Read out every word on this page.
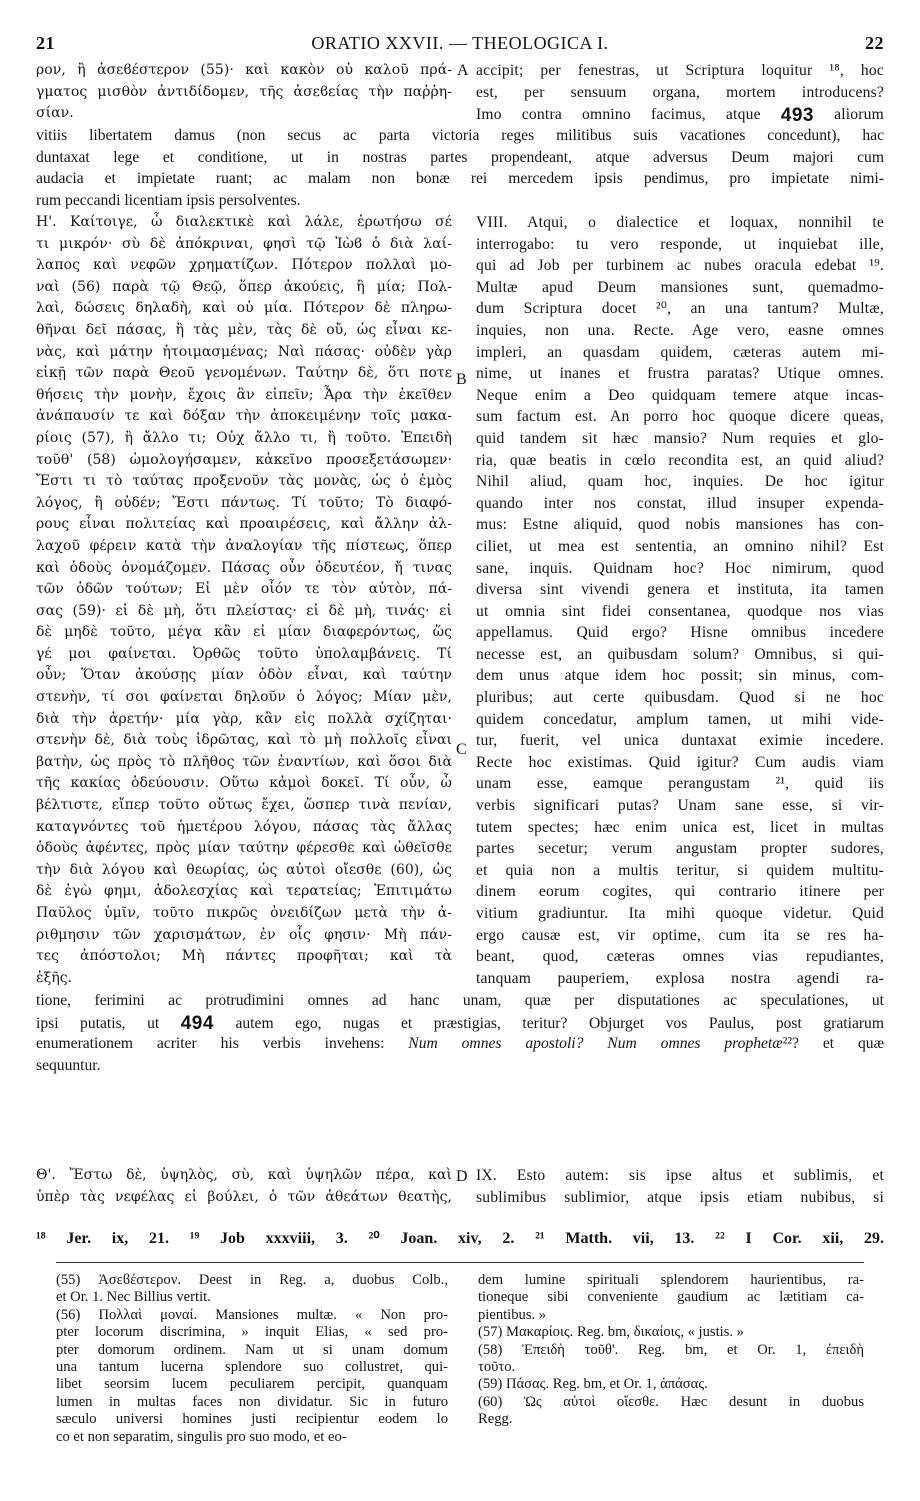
21	ORATIO XXVII. — THEOLOGICA I.	22
ρον, ἢ ἀσεϐέστερον (55)· καὶ κακὸν οὐ καλοῦ πρά-
γματος μισθὸν ἀντιδίδομεν, τῆς ἀσεϐείας τὴν παῤῥη-
σίαν.
A accipit; per fenestras, ut Scriptura loquitur ¹⁸, hoc
est, per sensuum organa, mortem introducens?
Imo contra omnino facimus, atque 493 aliorum
vitiis libertatem damus (non secus ac parta victoria reges militibus suis vacationes concedunt), hac
duntaxat lege et conditione, ut in nostras partes propendeant, atque adversus Deum majori cum
audacia et impietate ruant; ac malam non bonæ rei mercedem ipsis pendimus, pro impietate nimi-
rum peccandi licentiam ipsis persolventes.
Η'. Καίτοιγε, ὦ διαλεκτικὲ καὶ λάλε, ἐρωτήσω σέ
τι μικρόν· σὺ δὲ ἀπόκριναι, φησὶ τῷ Ἰὼϐ ὁ διὰ λαί-
λαπος καὶ νεφῶν χρηματίζων. Πότερον πολλαὶ μο-
ναὶ (56) παρὰ τῷ Θεῷ, ὅπερ ἀκούεις, ἢ μία; Πολ-
λαὶ, δώσεις δηλαδὴ, καὶ οὐ μία. Πότερον δὲ πληρω-
θῆναι δεῖ πάσας, ἢ τὰς μὲν, τὰς δὲ οὔ, ὡς εἶναι κε-
νὰς, καὶ μάτην ἡτοιμασμένας; Ναὶ πάσας· οὐδὲν γὰρ
εἰκῇ τῶν παρὰ Θεοῦ γενομένων. Ταύτην δὲ, ὅτι ποτε
θήσεις τὴν μονὴν, ἔχοις ἂν εἰπεῖν; Ἆρα τὴν ἐκεῖθεν
ἀνάπαυσίν τε καὶ δόξαν τὴν ἀποκειμένην τοῖς μακα-
ρίοις (57), ἢ ἄλλο τι; Οὐχ ἄλλο τι, ἢ τοῦτο. Ἐπειδὴ
τοῦθ' (58) ὡμολογήσαμεν, κἀκεῖνο προσεξετάσωμεν·
Ἔστι τι τὸ ταύτας προξενοῦν τὰς μονὰς, ὡς ὁ ἐμὸς
λόγος, ἢ οὐδέν; Ἔστι πάντως. Τί τοῦτο; Τὸ διαφό-
ρους εἶναι πολιτείας καὶ προαιρέσεις, καὶ ἄλλην ἀλ-
λαχοῦ φέρειν κατὰ τὴν ἀναλογίαν τῆς πίστεως, ὅπερ
καὶ ὁδοὺς ὀνομάζομεν. Πάσας οὖν ὁδευτέον, ἤ τινας
τῶν ὁδῶν τούτων; Εἰ μὲν οἷόν τε τὸν αὐτὸν, πά-
σας (59)· εἰ δὲ μὴ, ὅτι πλείστας· εἰ δὲ μὴ, τινάς· εἰ
δὲ μηδὲ τοῦτο, μέγα κἂν εἰ μίαν διαφερόντως, ὥς
γέ μοι φαίνεται. Ὀρθῶς τοῦτο ὑπολαμβάνεις. Τί
οὖν; Ὅταν ἀκούσῃς μίαν ὁδὸν εἶναι, καὶ ταύτην
στενὴν, τί σοι φαίνεται δηλοῦν ὁ λόγος; Μίαν μὲν,
διὰ τὴν ἀρετήν· μία γὰρ, κἂν εἰς πολλὰ σχίζηται·
στενὴν δὲ, διὰ τοὺς ἱδρῶτας, καὶ τὸ μὴ πολλοῖς εἶναι
βατὴν, ὡς πρὸς τὸ πλῆθος τῶν ἐναντίων, καὶ ὅσοι διὰ
τῆς κακίας ὁδεύουσιν. Οὕτω κἀμοὶ δοκεῖ. Τί οὖν, ὦ
βέλτιστε, εἴπερ τοῦτο οὕτως ἔχει, ὥσπερ τινὰ πενίαν,
καταγνόντες τοῦ ἡμετέρου λόγου, πάσας τὰς ἄλλας
ὁδοὺς ἀφέντες, πρὸς μίαν ταύτην φέρεσθε καὶ ὠθεῖσθε
τὴν διὰ λόγου καὶ θεωρίας, ὡς αὐτοὶ οἴεσθε (60), ὡς
δὲ ἐγὼ φημι, ἀδολεσχίας καὶ τερατείας; Ἐπιτιμάτω
Παῦλος ὑμῖν, τοῦτο πικρῶς ὀνειδίζων μετὰ τὴν ἀ-
ριθμησιν τῶν χαρισμάτων, ἐν οἷς φησιν· Μὴ πάν-
τες ἀπόστολοι; Μὴ πάντες προφῆται; καὶ τὰ
ἑξῆς.
B
C
VIII. Atqui, o dialectice et loquax, nonnihil te
interrogabo: tu vero responde, ut inquiebat ille,
qui ad Job per turbinem ac nubes oracula edebat ¹⁹.
Multæ apud Deum mansiones sunt, quemadmo-
dum Scriptura docet ²⁰, an una tantum? Multæ,
inquies, non una. Recte. Age vero, easne omnes
impleri, an quasdam quidem, cæteras autem mi-
nime, ut inanes et frustra paratas? Utique omnes.
Neque enim a Deo quidquam temere atque incas-
sum factum est. An porro hoc quoque dicere queas,
quid tandem sit hæc mansio? Num requies et glo-
ria, quæ beatis in cœlo recondita est, an quid aliud?
Nihil aliud, quam hoc, inquies. De hoc igitur
quando inter nos constat, illud insuper expenda-
mus: Estne aliquid, quod nobis mansiones has con-
ciliet, ut mea est sententia, an omnino nihil? Est
sane, inquis. Quidnam hoc? Hoc nimirum, quod
diversa sint vivendi genera et instituta, ita tamen
ut omnia sint fidei consentanea, quodque nos vias
appellamus. Quid ergo? Hisne omnibus incedere
necesse est, an quibusdam solum? Omnibus, si qui-
dem unus atque idem hoc possit; sin minus, com-
pluribus; aut certe quibusdam. Quod si ne hoc
quidem concedatur, amplum tamen, ut mihi vide-
tur, fuerit, vel unica duntaxat eximie incedere.
Recte hoc existimas. Quid igitur? Cum audis viam
unam esse, eamque perangustam ²¹, quid iis
verbis significari putas? Unam sane esse, si vir-
tutem spectes; hæc enim unica est, licet in multas
partes secetur; verum angustam propter sudores,
et quia non a multis teritur, si quidem multitu-
dinem eorum cogites, qui contrario itinere per
vitium gradiuntur. Ita mihi quoque videtur. Quid
ergo causæ est, vir optime, cum ita se res ha-
beant, quod, cæteras omnes vias repudiantes,
tanquam pauperiem, explosa nostra agendi ra-
tione, ferimini ac protrudimini omnes ad hanc unam, quæ per disputationes ac speculationes, ut
ipsi putatis, ut 494 autem ego, nugas et præstigias, teritur? Objurget vos Paulus, post gratiarum
enumerationem acriter his verbis invehens: Num omnes apostoli? Num omnes prophetæ²²? et quæ
sequuntur.
Θ'. Ἔστω δὲ, ὑψηλὸς, σὺ, καὶ ὑψηλῶν πέρα, καὶ
ὑπὲρ τὰς νεφέλας εἰ βούλει, ὁ τῶν ἀθεάτων θεατὴς,
D IX. Esto autem: sis ipse altus et sublimis, et
sublimibus sublimior, atque ipsis etiam nubibus, si
¹⁸ Jer. ix, 21. ¹⁹ Job xxxviii, 3. ²⁰ Joan. xiv, 2. ²¹ Matth. vii, 13. ²² I Cor. xii, 29.
(55) Ἀσεϐέστερον. Deest in Reg. a, duobus Colb.,
et Or. 1. Nec Billius vertit.
(56) Πολλαὶ μοναί. Mansiones multæ. « Non pro-
pter locorum discrimina, » inquit Elias, « sed pro-
pter domorum ordinem. Nam ut si unam domum
una tantum lucerna splendore suo collustret, qui-
libet seorsim lucem peculiarem percipit, quanquam
lumen in multas faces non dividatur. Sic in futuro
sæculo universi homines justi recipientur eodem lo
co et non separatim, singulis pro suo modo, et eo-
dem lumine spirituali splendorem haurientibus, ra-
tioneque sibi conveniente gaudium ac lætitiam ca-
pientibus. »
(57) Μακαρίοις. Reg. bm, δικαίοις, « justis. »
(58) Ἐπειδὴ τοῦθ'. Reg. bm, et Or. 1, ἐπειδὴ
τοῦτο.
(59) Πάσας. Reg. bm, et Or. 1, ἁπάσας.
(60) Ὡς αὐτοὶ οἴεσθε. Hæc desunt in duobus
Regg.
